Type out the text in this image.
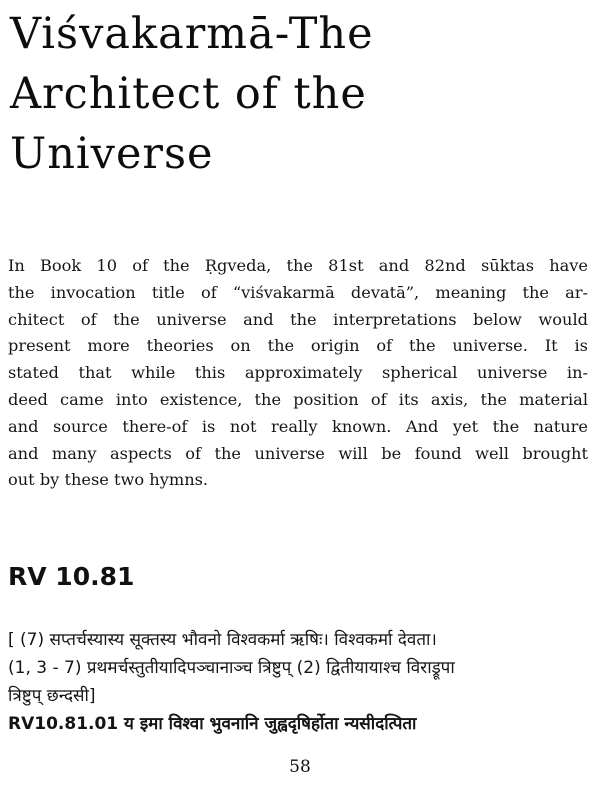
Viśvakarmā-The
Architect of the
Universe
In Book 10 of the Ṛgveda, the 81st and 82nd sūktas have
the invocation title of “viśvakarmā devatā”, meaning the ar-
chitect of the universe and the interpretations below would
present more theories on the origin of the universe. It is
stated that while this approximately spherical universe in-
deed came into existence, the position of its axis, the material
and source there-of is not really known. And yet the nature
and many aspects of the universe will be found well brought
out by these two hymns.
RV 10.81
[ (7) सप्तर्चस्यास्य सूक्तस्य भौवनो विश्वकर्मा ऋषिः। विश्वकर्मा देवता।
(1, 3 - 7) प्रथमर्चस्तुतीयादिपञ्चानाञ्च त्रिष्टुप् (2) द्वितीयायाश्च विराड्रूपा
त्रिष्टुप् छन्दसी]
RV10.81.01 य इमा विश्वा भुवनानि जुह्वदृषिर्होता न्यसीदत्पिता
58
